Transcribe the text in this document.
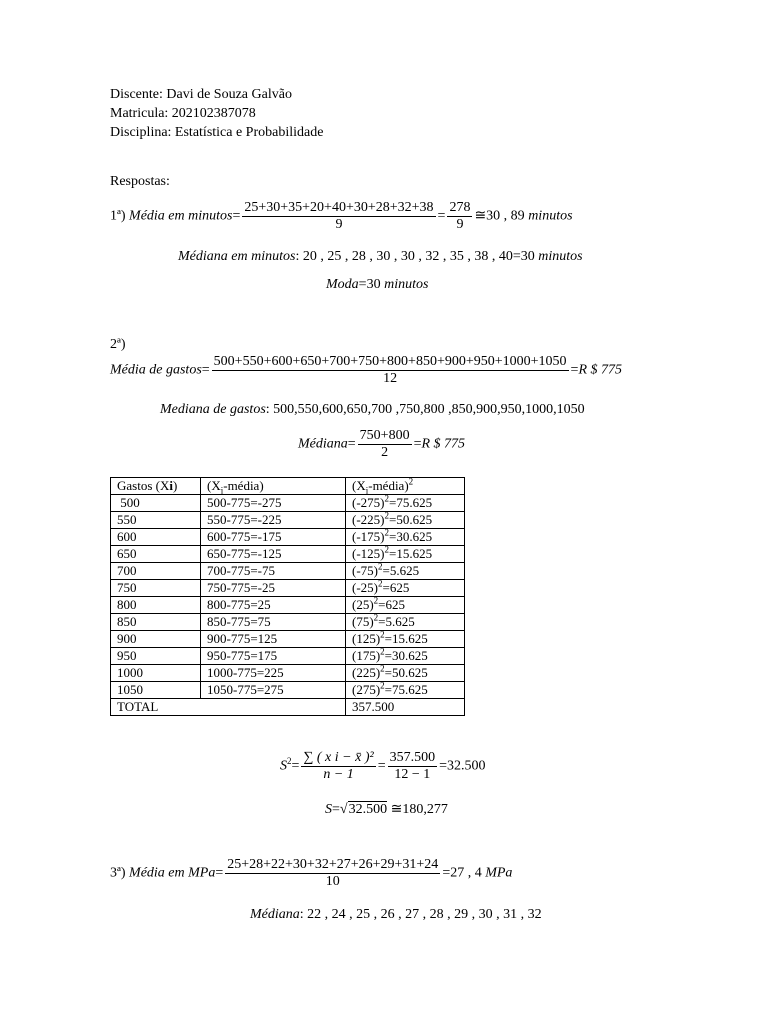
Discente: Davi de Souza Galvão
Matricula: 202102387078
Disciplina: Estatística e Probabilidade
Respostas:
1ª) Média em minutos= $\frac{25+30+35+20+40+30+28+32+38}{9} = \frac{278}{9}$ ≅30 , 89 minutos
Médiana em minutos: 20 , 25 , 28 , 30 , 30 , 32 , 35 , 38 , 40=30 minutos
Moda=30 minutos
2ª)
Média de gastos= $\frac{500+550+600+650+700+750+800+850+900+950+1000+1050}{12} =R$ $ 775
Mediana de gastos: 500,550,600,650,700 ,750,800 ,850,900,950,1000,1050
Médiana= $\frac{750+800}{2} =R$ $ 775
Gastos (Xi)	$(X_i-média)$	$(X_i-média)^2$
500	500-775=-275	$(-275)^2=75.625$
550	550-775=-225	$(-225)^2=50.625$
600	600-775=-175	$(-175)^2=30.625$
650	650-775=-125	$(-125)^2=15.625$
700	700-775=-75	$(-75)^2=5.625$
750	750-775=-25	$(-25)^2=625$
800	800-775=25	$(25)^2=625$
850	850-775=75	$(75)^2=5.625$
900	900-775=125	$(125)^2=15.625$
950	950-775=175	$(175)^2=30.625$
1000	1000-775=225	$(225)^2=50.625$
1050	1050-775=275	$(275)^2=75.625$
TOTAL		357.500
$S^2= \frac{\text{∑ ( x i − x̄ )²}}{n - 1} = \frac{357.500}{12 - 1} =32.500$
S=√32.500 ≅180,277
3ª) Média em $MPa= \frac{25+28+22+30+32+27+26+29+31+24}{10} =27$ , 4 MPa
Médiana: 22 , 24 , 25 , 26 , 27 , 28 , 29 , 30 , 31 , 32
